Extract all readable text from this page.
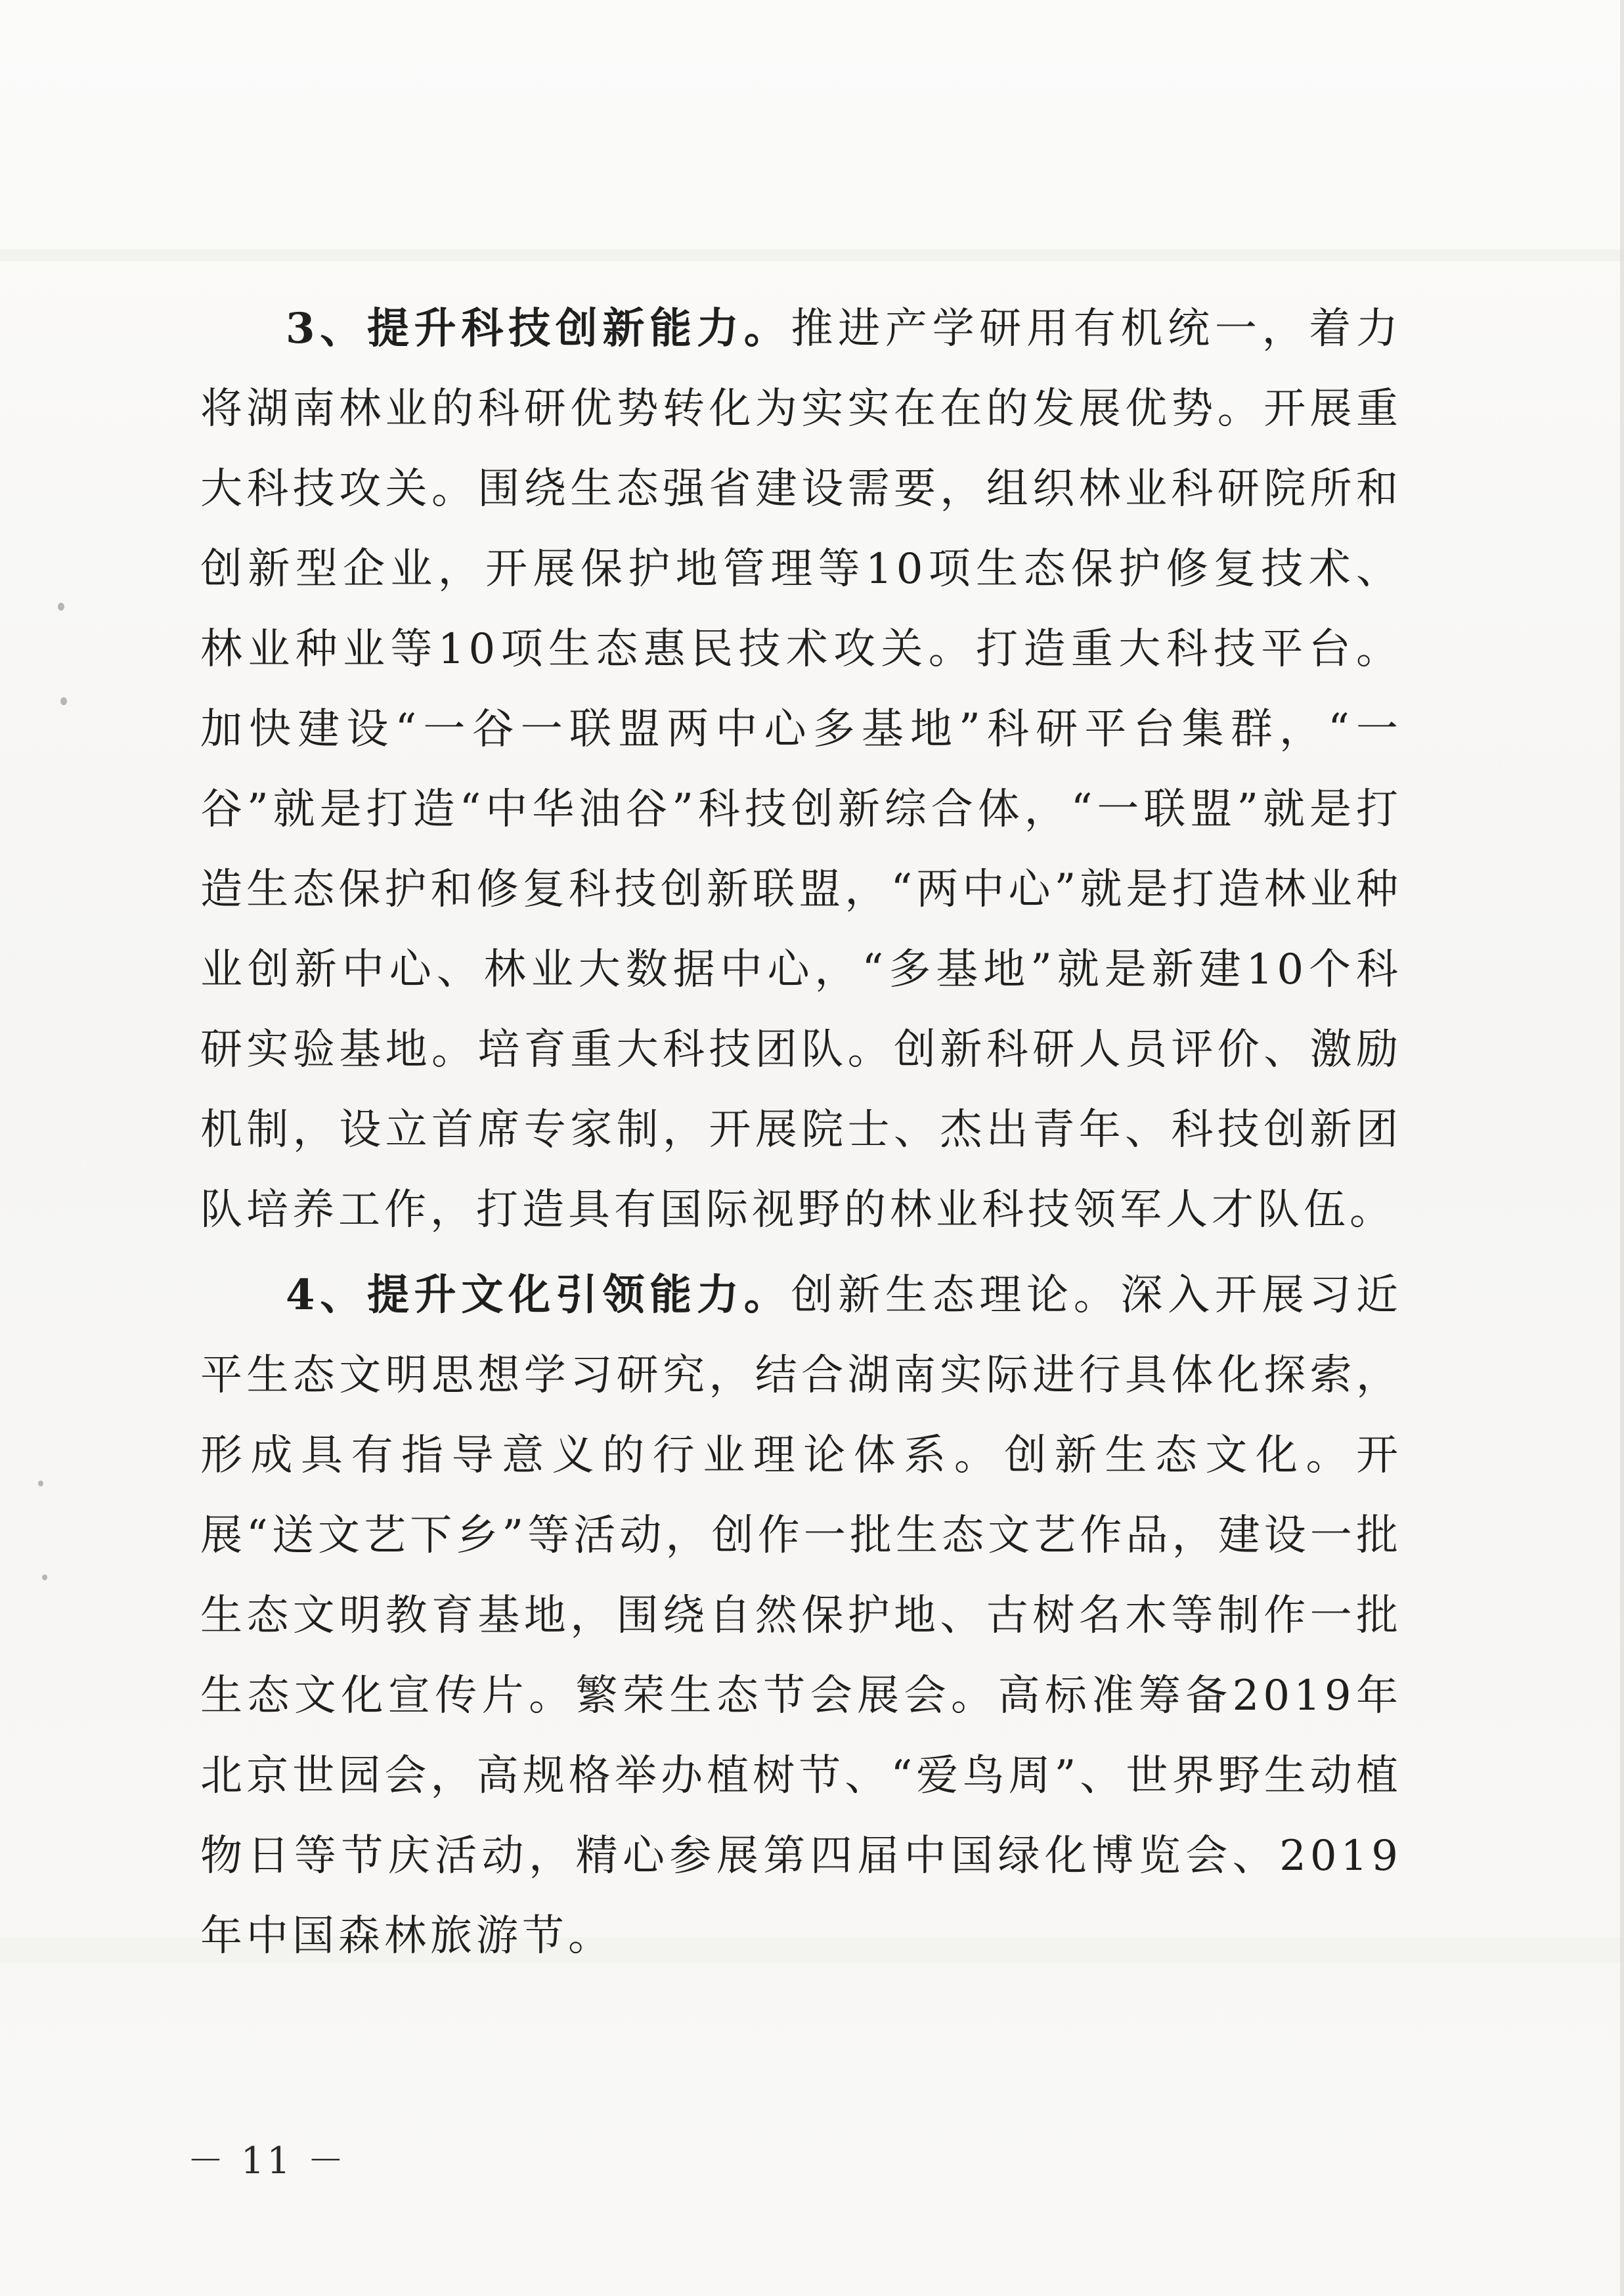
3、提升科技创新能力。推进产学研用有机统一，着力将湖南林业的科研优势转化为实实在在的发展优势。开展重大科技攻关。围绕生态强省建设需要，组织林业科研院所和创新型企业，开展保护地管理等10项生态保护修复技术、林业种业等10项生态惠民技术攻关。打造重大科技平台。加快建设“一谷一联盟两中心多基地”科研平台集群，“一谷”就是打造“中华油谷”科技创新综合体，“一联盟”就是打造生态保护和修复科技创新联盟，“两中心”就是打造林业种业创新中心、林业大数据中心，“多基地”就是新建10个科研实验基地。培育重大科技团队。创新科研人员评价、激励机制，设立首席专家制，开展院士、杰出青年、科技创新团队培养工作，打造具有国际视野的林业科技领军人才队伍。

4、提升文化引领能力。创新生态理论。深入开展习近平生态文明思想学习研究，结合湖南实际进行具体化探索，形成具有指导意义的行业理论体系。创新生态文化。开展“送文艺下乡”等活动，创作一批生态文艺作品，建设一批生态文明教育基地，围绕自然保护地、古树名木等制作一批生态文化宣传片。繁荣生态节会展会。高标准筹备2019年北京世园会，高规格举办植树节、“爱鸟周”、世界野生动植物日等节庆活动，精心参展第四届中国绿化博览会、2019年中国森林旅游节。

－ 11 －
